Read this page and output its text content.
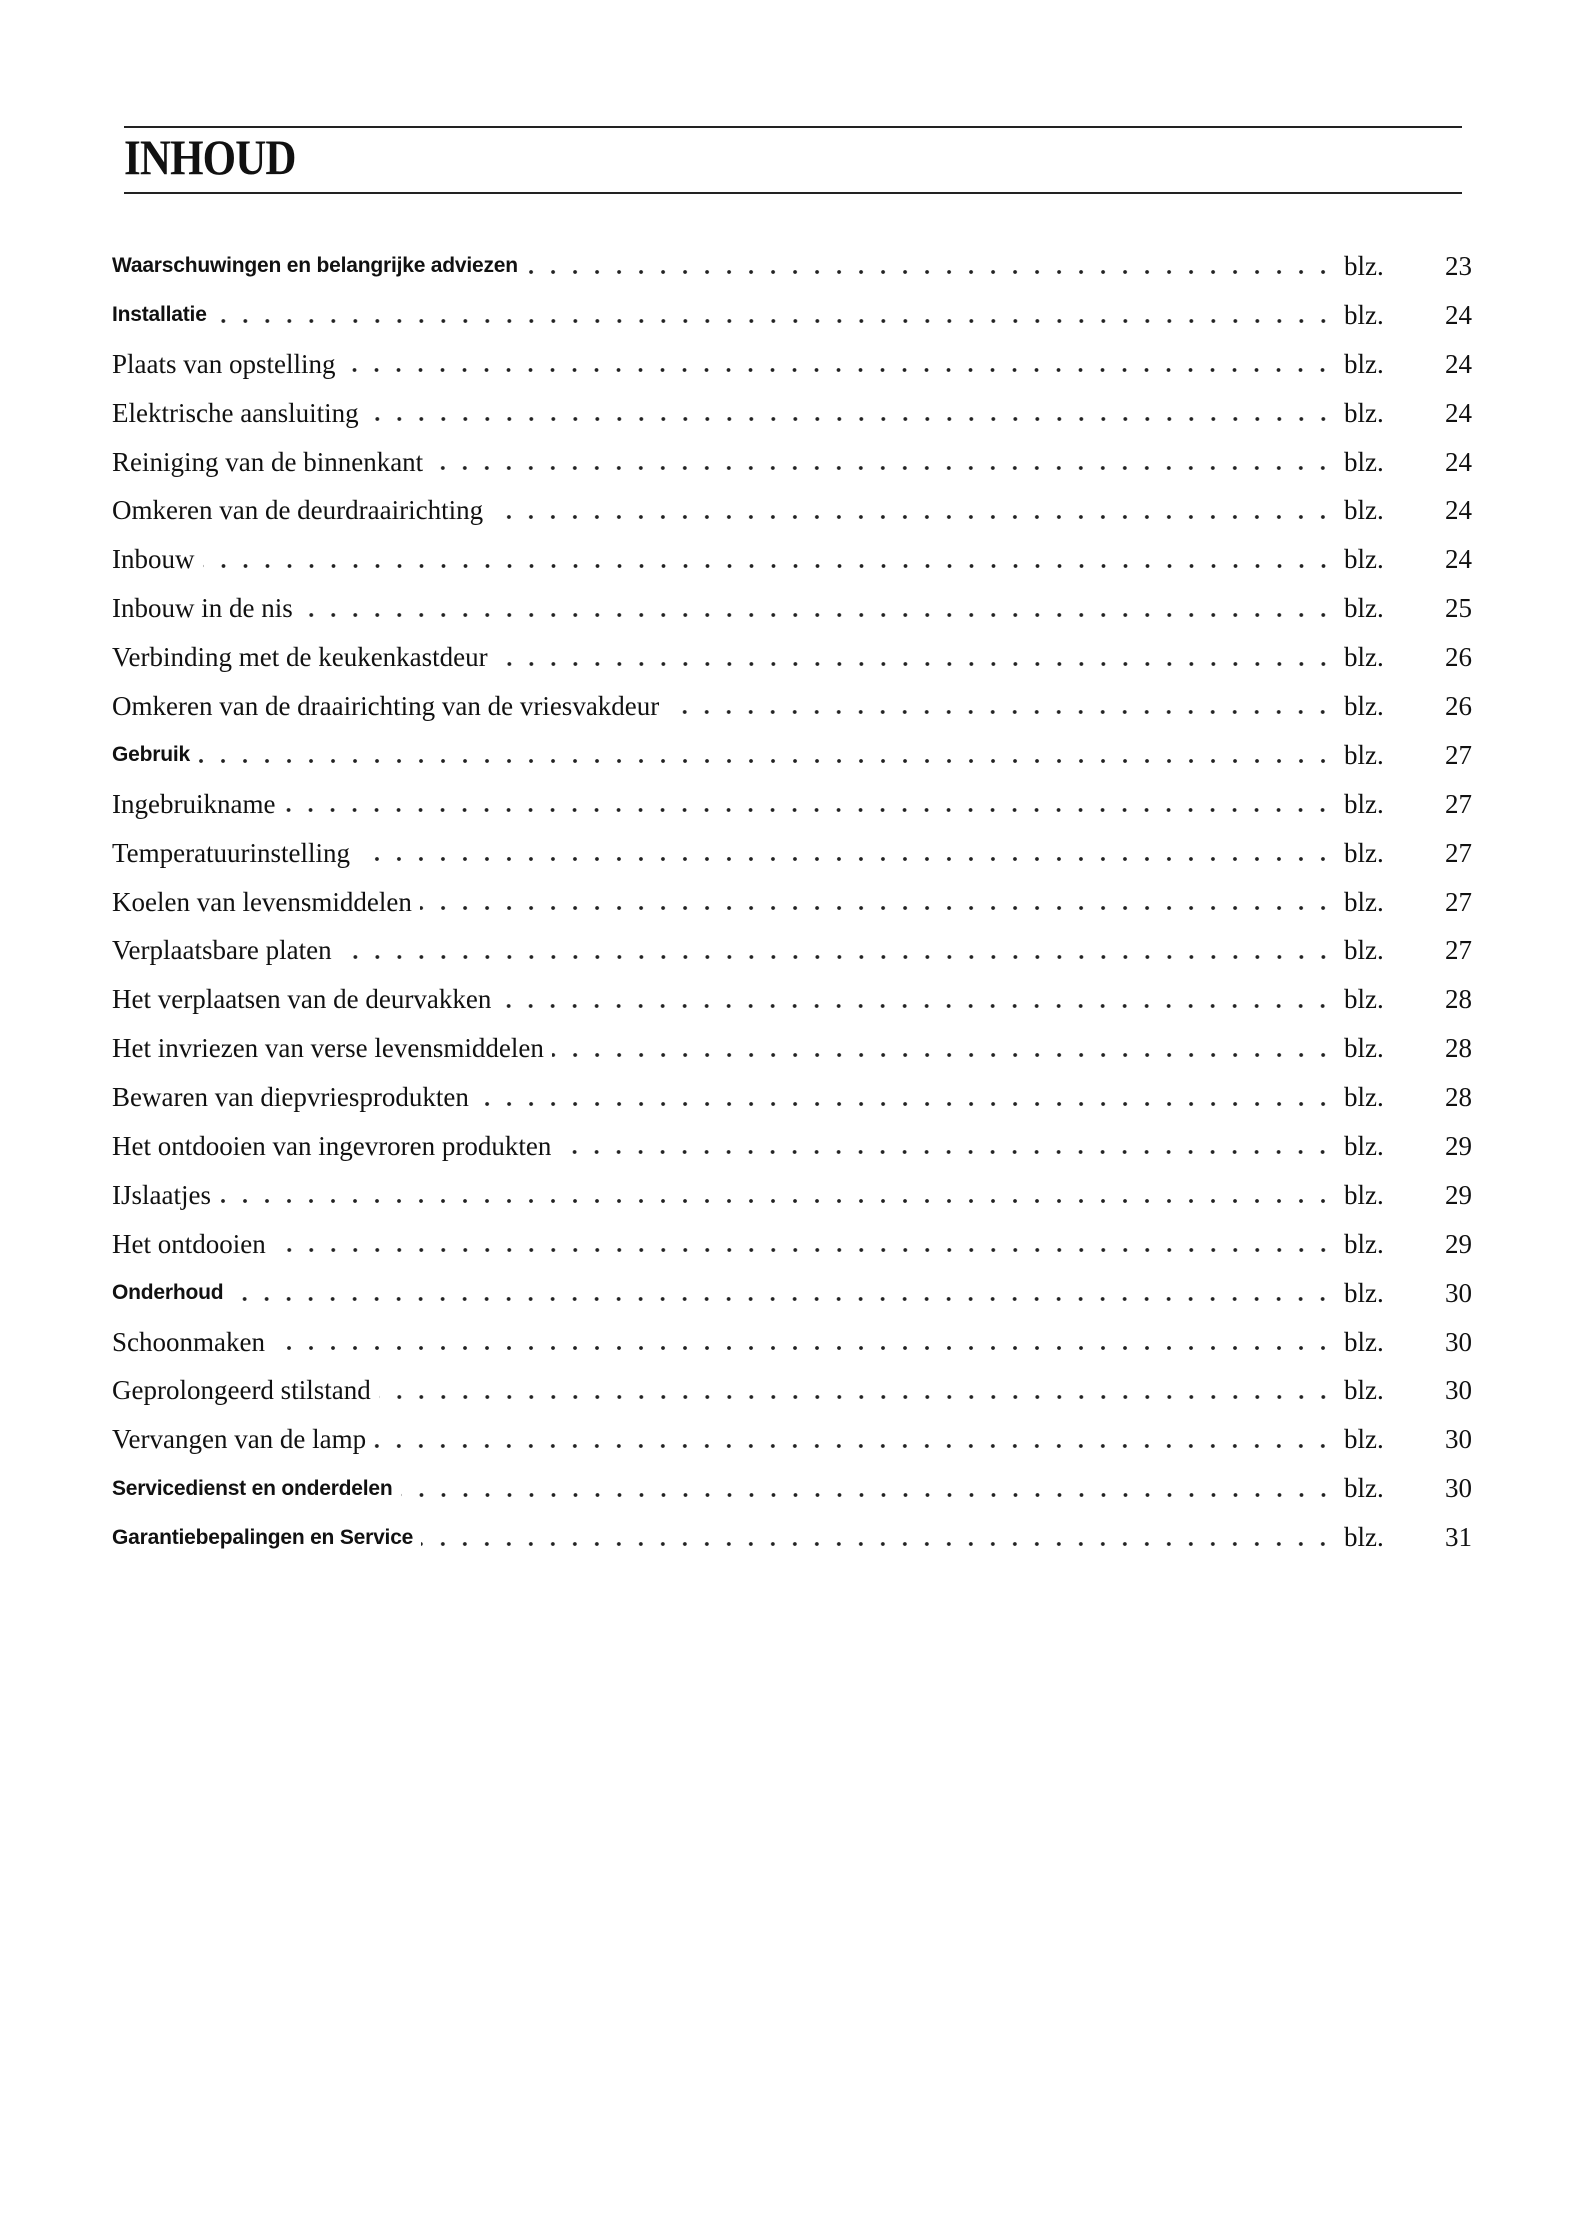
INHOUD
Waarschuwingen en belangrijke adviezen	blz.	23
Installatie	blz.	24
Plaats van opstelling	blz.	24
Elektrische aansluiting	blz.	24
Reiniging van de binnenkant	blz.	24
Omkeren van de deurdraairichting	blz.	24
Inbouw	blz.	24
Inbouw in de nis	blz.	25
Verbinding met de keukenkastdeur	blz.	26
Omkeren van de draairichting van de vriesvakdeur	blz.	26
Gebruik	blz.	27
Ingebruikname	blz.	27
Temperatuurinstelling	blz.	27
Koelen van levensmiddelen	blz.	27
Verplaatsbare platen	blz.	27
Het verplaatsen van de deurvakken	blz.	28
Het invriezen van verse levensmiddelen	blz.	28
Bewaren van diepvriesprodukten	blz.	28
Het ontdooien van ingevroren produkten	blz.	29
IJslaatjes	blz.	29
Het ontdooien	blz.	29
Onderhoud	blz.	30
Schoonmaken	blz.	30
Geprolongeerd stilstand	blz.	30
Vervangen van de lamp	blz.	30
Servicedienst en onderdelen	blz.	30
Garantiebepalingen en Service	blz.	31
